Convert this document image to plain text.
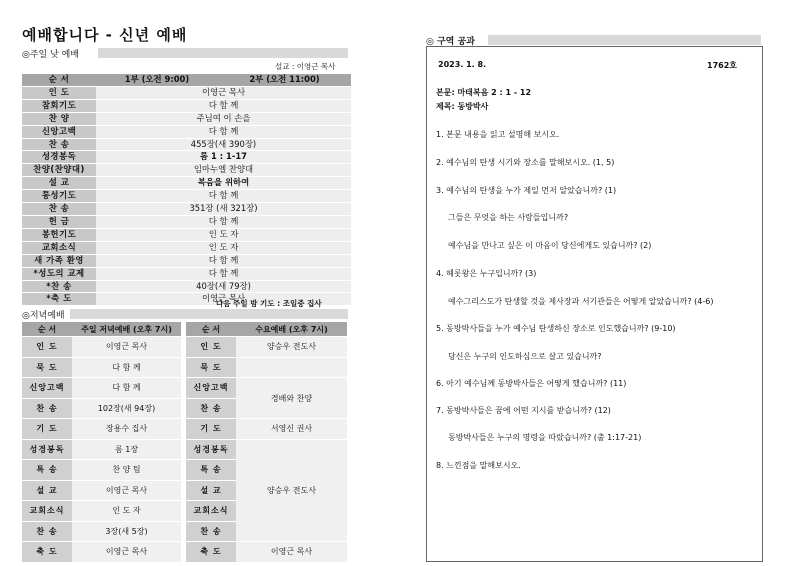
예배합니다 - 신년 예배
◎주일 낮 예배
설교 : 이영근 목사
순 서	1부 (오전 9:00)	2부 (오전 11:00)
인 도	이영근 목사	
참회기도	다 함 께	
찬 양	주님여 이 손을	
신앙고백	다 함 께	
찬 송	455장(새 390장)	
성경봉독	롬 1 : 1-17	
찬양(찬양대)	임마누엘 찬양대	
설 교	복음을 위하여	
통성기도	다 함 께	
찬 송	351장 (새 321장)	
헌 금	다 함 께	
봉헌기도	인 도 자	
교회소식	인 도 자	
새 가족 환영	다 함 께	
*성도의 교제	다 함 께	
*찬 송	40장(새 79장)	
*축 도	이영근 목사	
다음 주일 밤 기도 : 조일중 집사
◎저녁예배
순 서	주일 저녁예배 (오후 7시)
인 도	이영근 목사
묵 도	다 함 께
신앙고백	다 함 께
찬 송	102장(새 94장)
기 도	장용수 집사
성경봉독	롬 1장
특 송	찬 양 팀
설 교	이영근 목사
교회소식	인 도 자
찬 송	3장(새 5장)
축 도	이영근 목사
순 서	수요예배 (오후 7시)	
인 도	양승우 전도사	
묵 도		
신앙고백	경배와 찬양	
찬 송		
기 도	서영신 권사	
성경봉독	양승우 전도사	
특 송		
설 교		
교회소식		
찬 송		
축 도	이영근 목사	
◎ 구역 공과
2023. 1. 8.	1762호
본문: 마태복음 2 : 1 - 12
제목: 동방박사
1. 본문 내용을 읽고 설명해 보시오.
2. 예수님의 탄생 시기와 장소를 말해보시오. (1, 5)
3. 예수님의 탄생을 누가 제일 먼저 알았습니까? (1)
그들은 무엇을 하는 사람들입니까?
예수님을 만나고 싶은 이 마음이 당신에게도 있습니까? (2)
4. 헤롯왕은 누구입니까? (3)
예수그리스도가 탄생할 것을 제사장과 서기관들은 어떻게 알았습니까? (4-6)
5. 동방박사들을 누가 예수님 탄생하신 장소로 인도했습니까? (9-10)
당신은 누구의 인도하심으로 살고 있습니까?
6. 아기 예수님께 동방박사들은 어떻게 했습니까? (11)
7. 동방박사들은 꿈에 어떤 지시를 받습니까? (12)
동방박사들은 누구의 명령을 따랐습니까? (출 1:17-21)
8. 느낀점을 말해보시오.
